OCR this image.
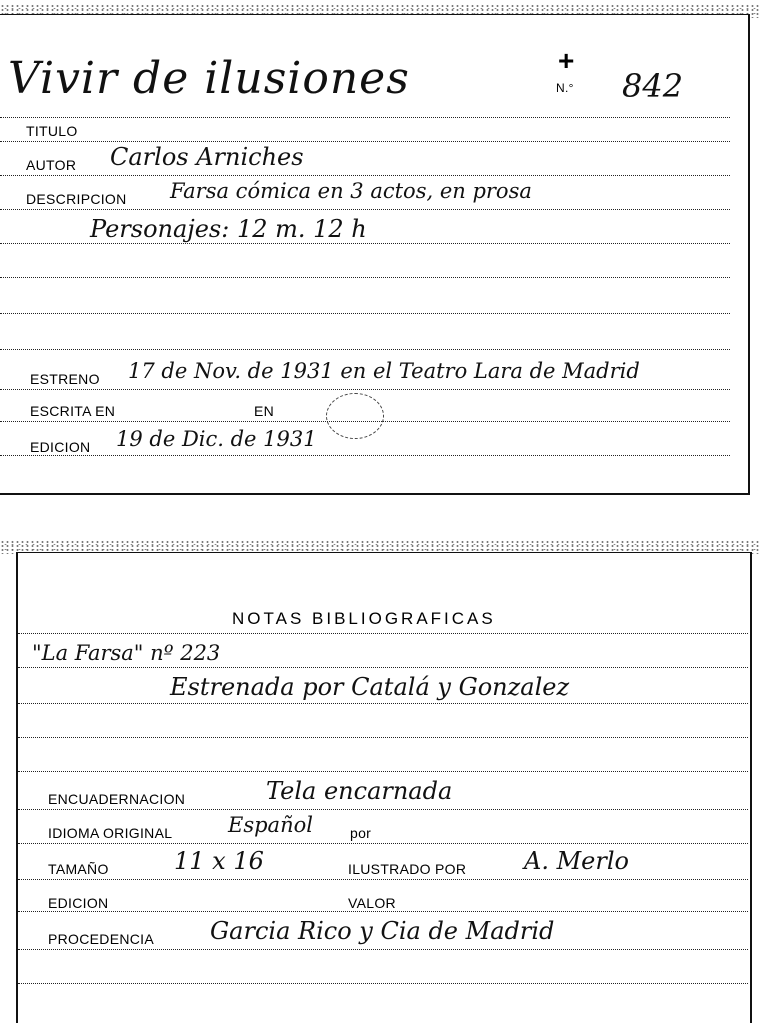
Vivir de ilusiones	+
N.° 842
TITULO
AUTOR Carlos Arniches
DESCRIPCION Farsa cómica en 3 actos, en prosa
Personajes: 12 m. 12 h
ESTRENO 17 de Nov. de 1931 en el Teatro Lara de Madrid
ESCRITA EN	EN
EDICION 19 de Dic. de 1931
NOTAS BIBLIOGRAFICAS
"La Farsa" nº 223
Estrenada por Catalá y Gonzalez
ENCUADERNACION	Tela encarnada
IDIOMA ORIGINAL	Español	por
TAMAÑO	11 x 16	ILUSTRADO POR A. Merlo
EDICION	VALOR
PROCEDENCIA Garcia Rico y Cia de Madrid
